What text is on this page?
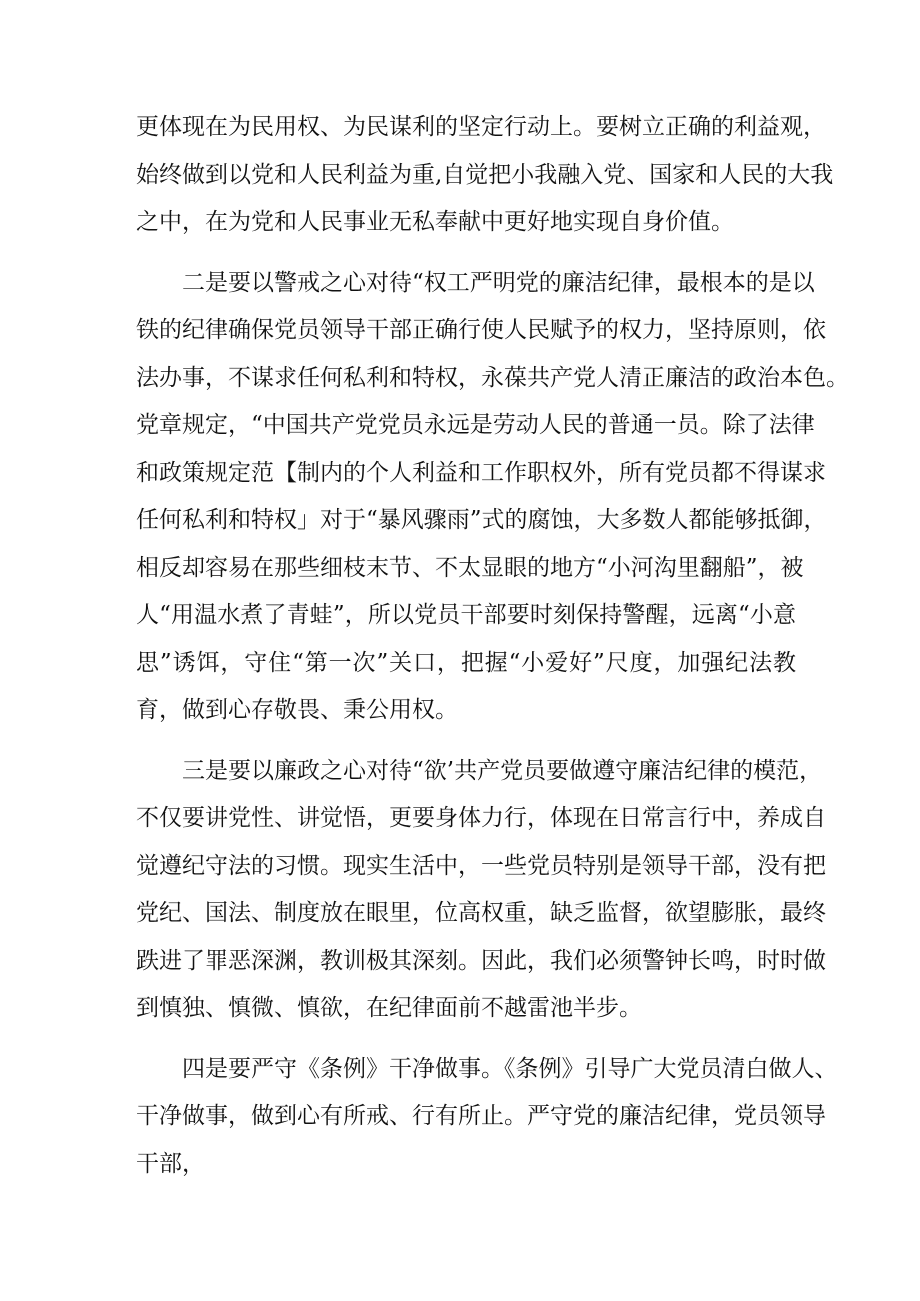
更体现在为民用权、为民谋利的坚定行动上。要树立正确的利益观，
始终做到以党和人民利益为重,自觉把小我融入党、国家和人民的大我
之中，在为党和人民事业无私奉献中更好地实现自身价值。
二是要以警戒之心对待“权工严明党的廉洁纪律，最根本的是以
铁的纪律确保党员领导干部正确行使人民赋予的权力，坚持原则，依
法办事，不谋求任何私利和特权，永葆共产党人清正廉洁的政治本色。
党章规定，“中国共产党党员永远是劳动人民的普通一员。除了法律
和政策规定范【制内的个人利益和工作职权外，所有党员都不得谋求
任何私利和特权」对于“暴风骤雨”式的腐蚀，大多数人都能够抵御，
相反却容易在那些细枝末节、不太显眼的地方“小河沟里翻船”，被
人“用温水煮了青蛙”，所以党员干部要时刻保持警醒，远离“小意
思”诱饵，守住“第一次”关口，把握“小爱好”尺度，加强纪法教
育，做到心存敬畏、秉公用权。
三是要以廉政之心对待“欲’共产党员要做遵守廉洁纪律的模范，
不仅要讲党性、讲觉悟，更要身体力行，体现在日常言行中，养成自
觉遵纪守法的习惯。现实生活中，一些党员特别是领导干部，没有把
党纪、国法、制度放在眼里，位高权重，缺乏监督，欲望膨胀，最终
跌进了罪恶深渊，教训极其深刻。因此，我们必须警钟长鸣，时时做
到慎独、慎微、慎欲，在纪律面前不越雷池半步。
四是要严守《条例》干净做事。《条例》引导广大党员清白做人、
干净做事，做到心有所戒、行有所止。严守党的廉洁纪律，党员领导
干部，
